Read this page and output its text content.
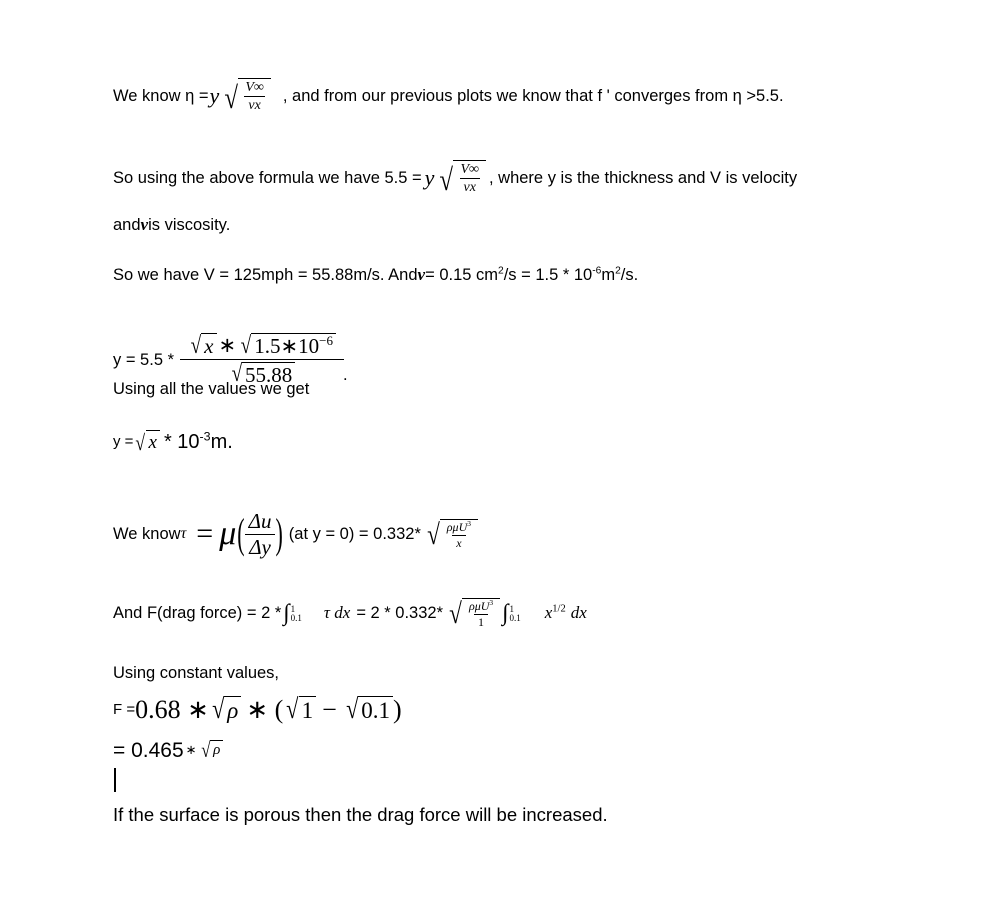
We know η = y √ $\frac{V\infty}{\nu x}$ , and from our previous plots we know that f ' converges from η >5.5.
So using the above formula we have 5.5 = y √ $\frac{V\infty}{\nu x}$ , where y is the thickness and V is velocity
and ν is viscosity.
So we have V = 125mph = 55.88m/s. And ν = 0.15 cm $^2$ /s = 1.5 * 10 $^{-6}$ m $^2$ /s.
y = 5.5 *
√ x ∗ √ $1.5∗10^{-6}$
√ 55.88	.
Using all the values we get
y = √ x * 10 $^{-3}$ m.
We know τ = μ ( $\frac{\Delta u}{\Delta y}$ ) (at y = 0) = 0.332* √ $\frac{\rho\mu U^3}{x}$
And F(drag force) = 2 * ∫ 1
0.1	τ dx = 2 * 0.332* √ $\frac{\rho\mu U^3}{1}$ ∫ 1
0.1	$x^{1/2}$ dx
Using constant values,
F = 0.68 ∗ √ ρ ∗ ( √ 1 − √ 0.1 )
= 0.465 ∗ √ ρ
If the surface is porous then the drag force will be increased.
